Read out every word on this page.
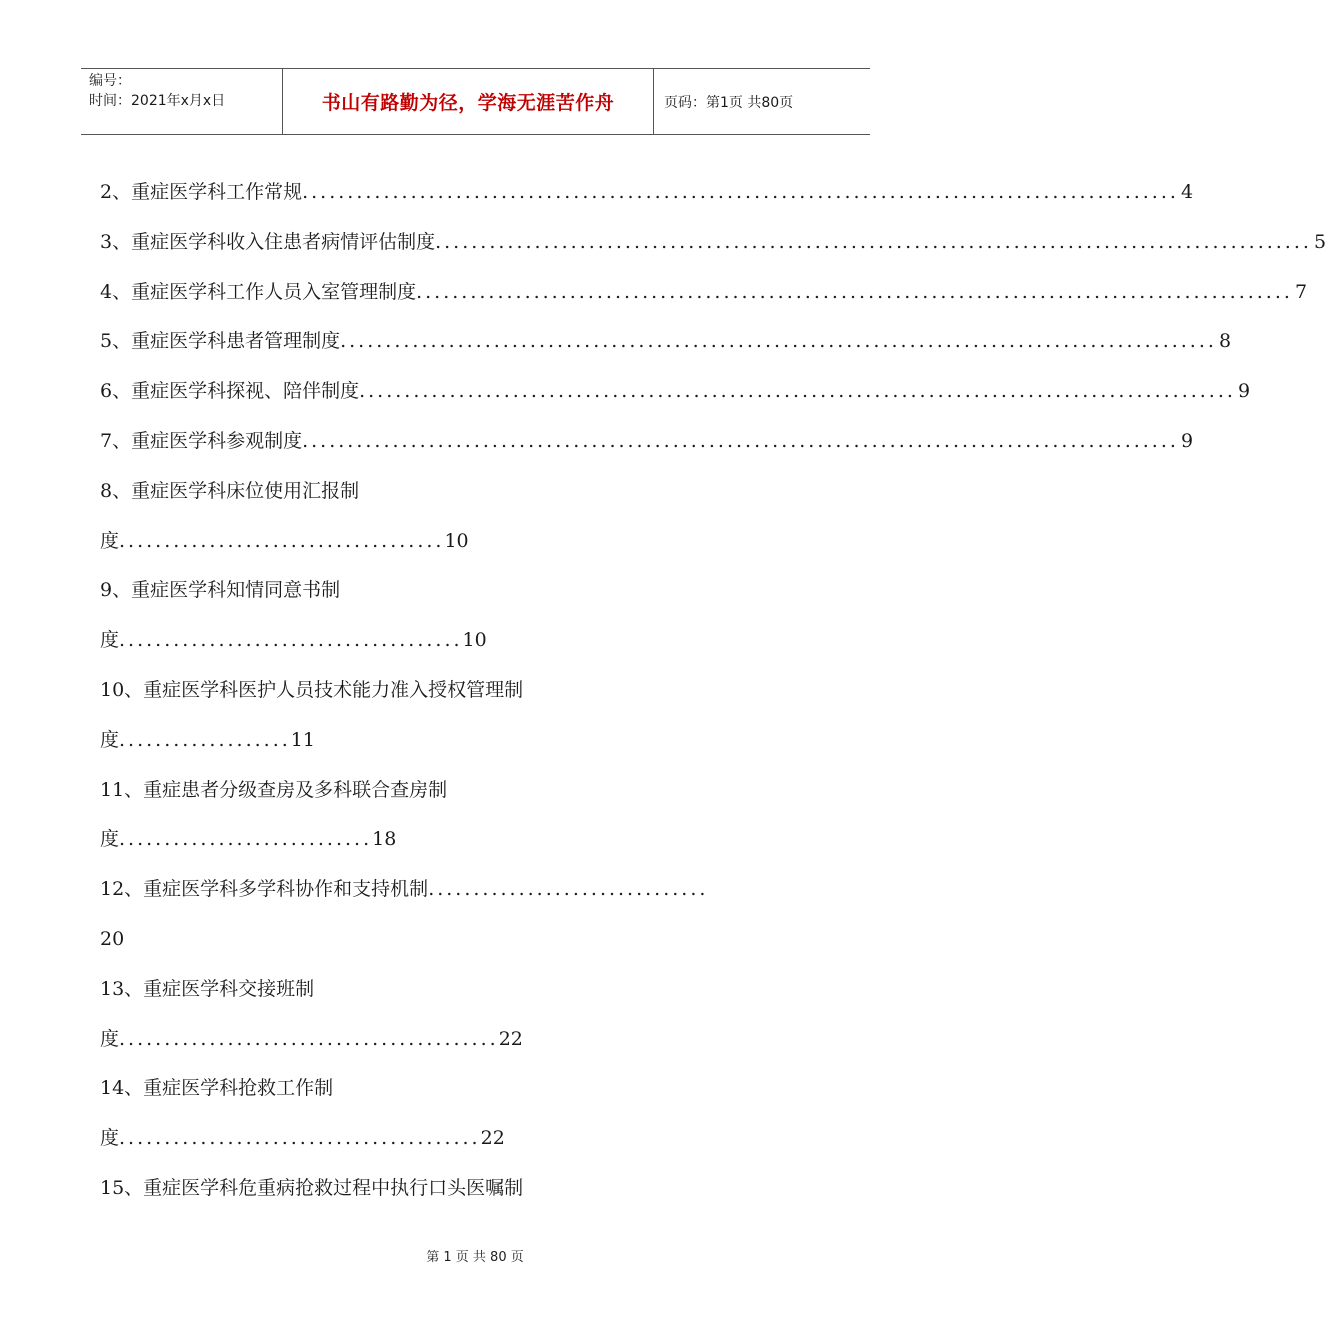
编号：
时间：2021年x月x日	书山有路勤为径，学海无涯苦作舟	页码：第1页 共80页
2、重症医学科工作常规 ................................................................................................. 4
3、重症医学科收入住患者病情评估制度 ................................................................................................. 5
4、重症医学科工作人员入室管理制度 ................................................................................................. 7
5、重症医学科患者管理制度 ................................................................................................. 8
6、重症医学科探视、陪伴制度 ................................................................................................. 9
7、重症医学科参观制度 ................................................................................................. 9
8、重症医学科床位使用汇报制
度....................................10
9、重症医学科知情同意书制
度......................................10
10、重症医学科医护人员技术能力准入授权管理制
度...................11
11、重症患者分级查房及多科联合查房制
度............................18
12、重症医学科多学科协作和支持机制...............................
20
13、重症医学科交接班制
度..........................................22
14、重症医学科抢救工作制
度........................................22
15、重症医学科危重病抢救过程中执行口头医嘱制
第 1 页 共 80 页
